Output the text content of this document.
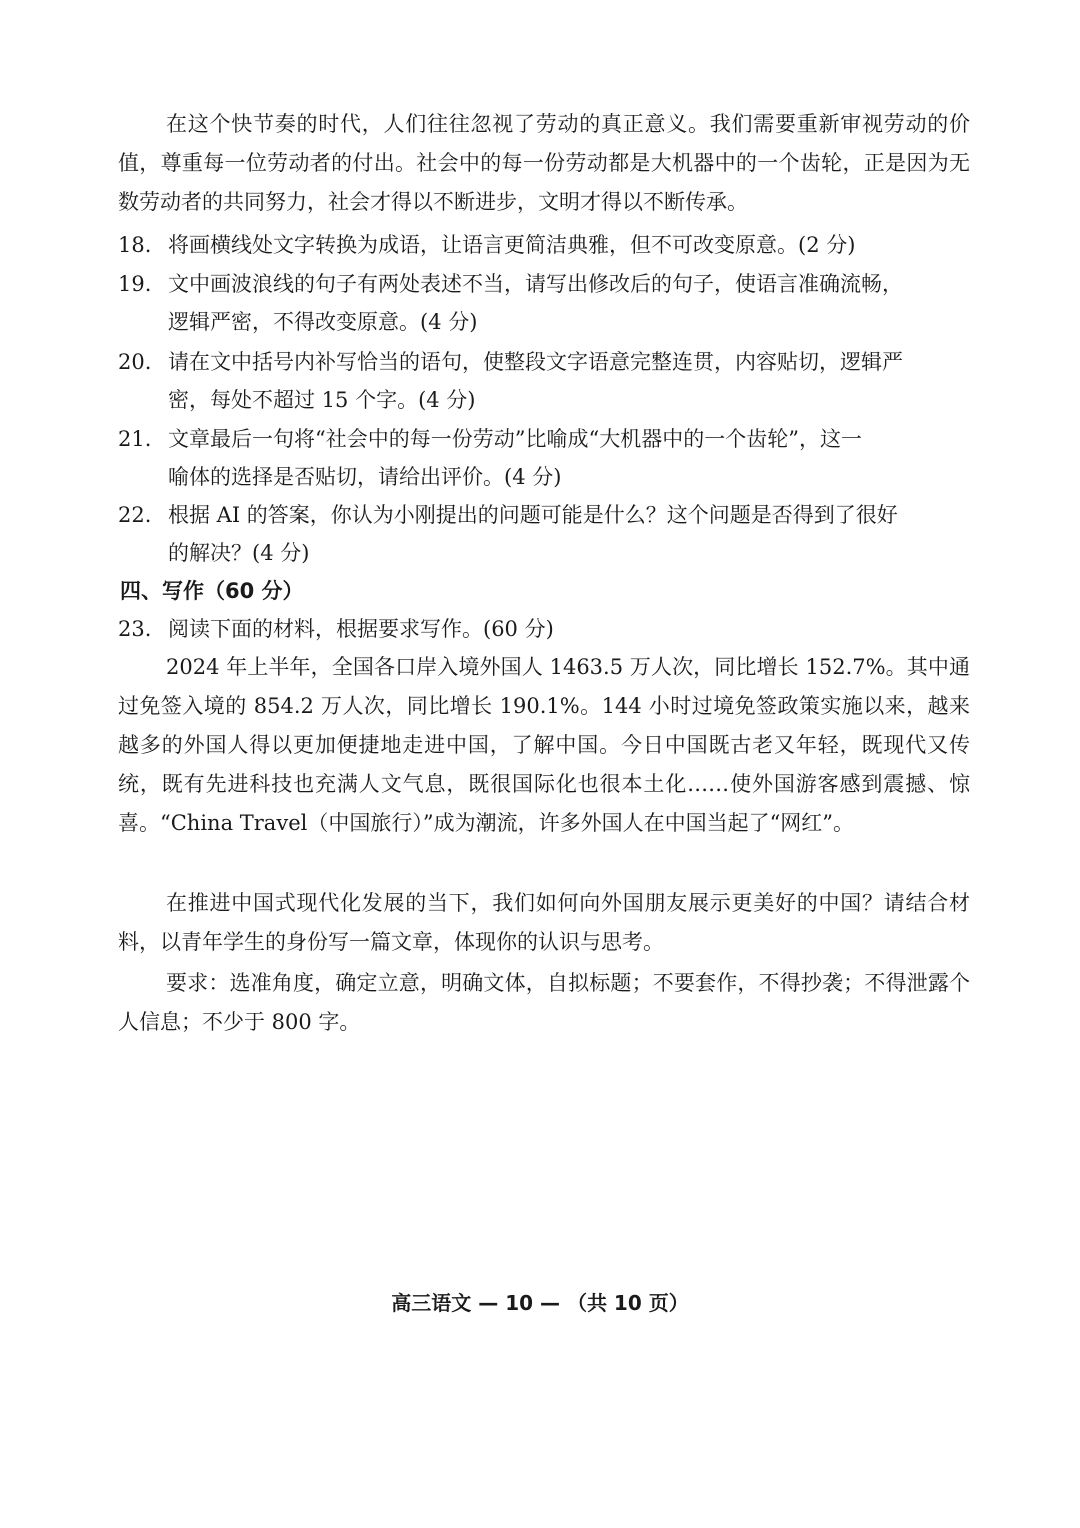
在这个快节奏的时代，人们往往忽视了劳动的真正意义。我们需要重新审视劳动的价值，尊重每一位劳动者的付出。社会中的每一份劳动都是大机器中的一个齿轮，正是因为无数劳动者的共同努力，社会才得以不断进步，文明才得以不断传承。
18. 将画横线处文字转换为成语，让语言更简洁典雅，但不可改变原意。(2 分)
19. 文中画波浪线的句子有两处表述不当，请写出修改后的句子，使语言准确流畅，
逻辑严密，不得改变原意。(4 分)
20. 请在文中括号内补写恰当的语句，使整段文字语意完整连贯，内容贴切，逻辑严
密，每处不超过 15 个字。(4 分)
21. 文章最后一句将“社会中的每一份劳动”比喻成“大机器中的一个齿轮”，这一
喻体的选择是否贴切，请给出评价。(4 分)
22. 根据 AI 的答案，你认为小刚提出的问题可能是什么？这个问题是否得到了很好
的解决？(4 分)
四、写作（60 分）
23. 阅读下面的材料，根据要求写作。(60 分)
2024 年上半年，全国各口岸入境外国人 1463.5 万人次，同比增长 152.7%。其中通过免签入境的 854.2 万人次，同比增长 190.1%。144 小时过境免签政策实施以来，越来越多的外国人得以更加便捷地走进中国，了解中国。今日中国既古老又年轻，既现代又传统，既有先进科技也充满人文气息，既很国际化也很本土化……使外国游客感到震撼、惊喜。“China Travel（中国旅行）”成为潮流，许多外国人在中国当起了“网红”。
在推进中国式现代化发展的当下，我们如何向外国朋友展示更美好的中国？请结合材料，以青年学生的身份写一篇文章，体现你的认识与思考。
要求：选准角度，确定立意，明确文体，自拟标题；不要套作，不得抄袭；不得泄露个人信息；不少于 800 字。
高三语文 — 10 — （共 10 页）
